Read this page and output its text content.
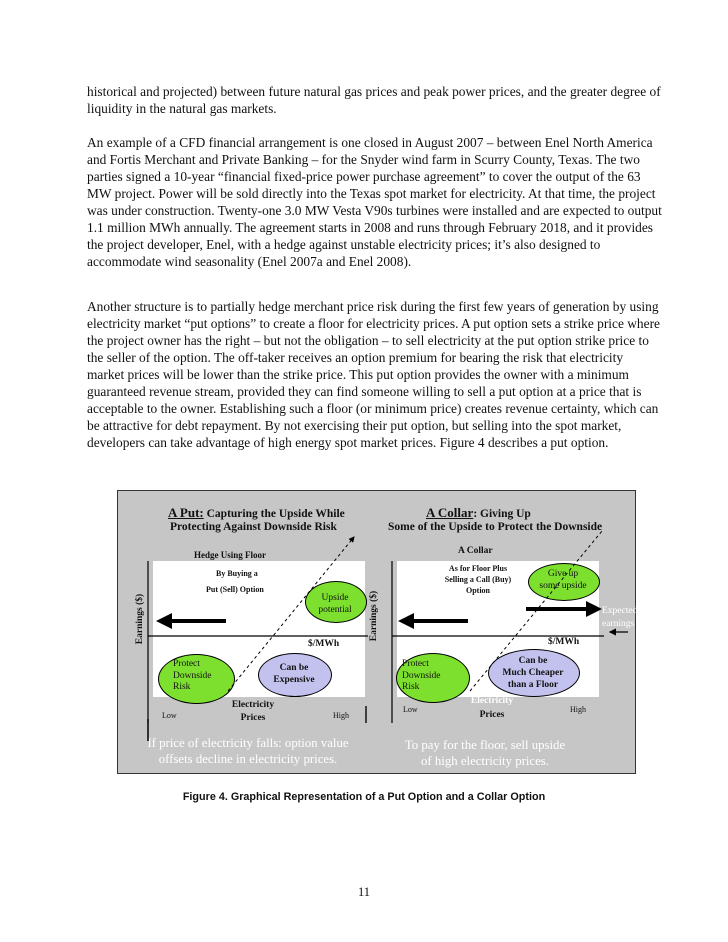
historical and projected) between future natural gas prices and peak power prices, and the greater degree of liquidity in the natural gas markets.

An example of a CFD financial arrangement is one closed in August 2007 – between Enel North America and Fortis Merchant and Private Banking – for the Snyder wind farm in Scurry County, Texas. The two parties signed a 10-year “financial fixed-price power purchase agreement” to cover the output of the 63 MW project. Power will be sold directly into the Texas spot market for electricity. At that time, the project was under construction. Twenty-one 3.0 MW Vesta V90s turbines were installed and are expected to output 1.1 million MWh annually. The agreement starts in 2008 and runs through February 2018, and it provides the project developer, Enel, with a hedge against unstable electricity prices; it’s also designed to accommodate wind seasonality (Enel 2007a and Enel 2008).

Another structure is to partially hedge merchant price risk during the first few years of generation by using electricity market “put options” to create a floor for electricity prices. A put option sets a strike price where the project owner has the right – but not the obligation – to sell electricity at the put option strike price to the seller of the option. The off-taker receives an option premium for bearing the risk that electricity market prices will be lower than the strike price. This put option provides the owner with a minimum guaranteed revenue stream, provided they can find someone willing to sell a put option at a price that is acceptable to the owner. Establishing such a floor (or minimum price) creates revenue certainty, which can be attractive for debt repayment. By not exercising their put option, but selling into the spot market, developers can take advantage of high energy spot market prices. Figure 4 describes a put option.

A Put: Capturing the Upside While
Protecting Against Downside Risk
Hedge Using Floor
By Buying a
Put (Sell) Option
Upside
potential
$/MWh
Earnings ($)
Protect
Downside
Risk
Can be
Expensive
Electricity
Prices
Low	High
If price of electricity falls: option value
offsets decline in electricity prices.
A Collar: Giving Up
Some of the Upside to Protect the Downside
A Collar
As for Floor Plus
Selling a Call (Buy)
Option
Give up
some upside
Expected
earnings
$/MWh
Earnings ($)
Protect
Downside
Risk
Can be
Much Cheaper
than a Floor
Electricity
Prices
Low	High
To pay for the floor, sell upside
of high electricity prices.
Figure 4. Graphical Representation of a Put Option and a Collar Option
11
